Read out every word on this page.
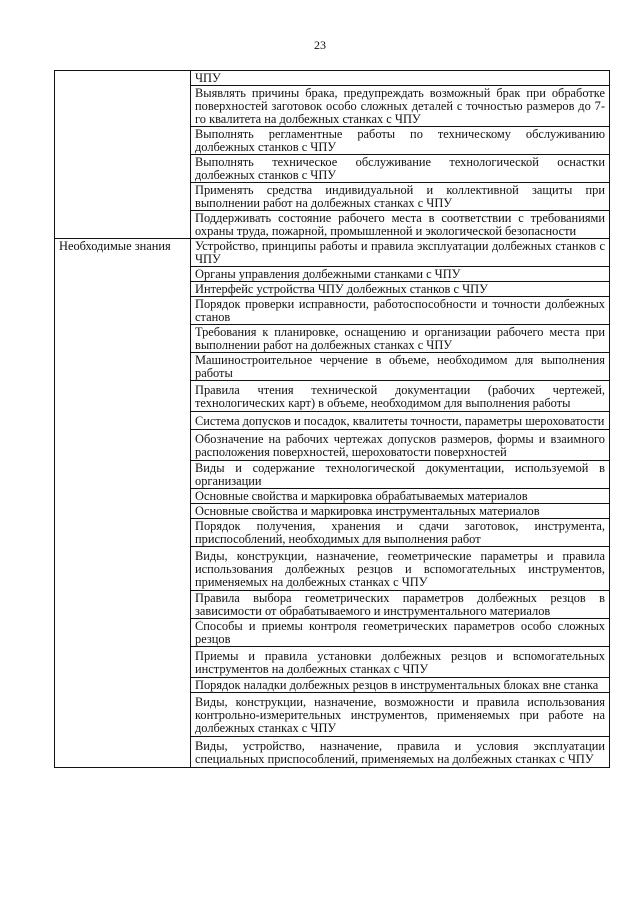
23
	ЧПУ
	Выявлять причины брака, предупреждать возможный брак при обработке поверхностей заготовок особо сложных деталей с точностью размеров до 7-го квалитета на долбежных станках с ЧПУ
	Выполнять регламентные работы по техническому обслуживанию долбежных станков с ЧПУ
	Выполнять техническое обслуживание технологической оснастки долбежных станков с ЧПУ
	Применять средства индивидуальной и коллективной защиты при выполнении работ на долбежных станках с ЧПУ
	Поддерживать состояние рабочего места в соответствии с требованиями охраны труда, пожарной, промышленной и экологической безопасности
Необходимые знания	Устройство, принципы работы и правила эксплуатации долбежных станков с ЧПУ
	Органы управления долбежными станками с ЧПУ
	Интерфейс устройства ЧПУ долбежных станков с ЧПУ
	Порядок проверки исправности, работоспособности и точности долбежных станов
	Требования к планировке, оснащению и организации рабочего места при выполнении работ на долбежных станках с ЧПУ
	Машиностроительное черчение в объеме, необходимом для выполнения работы
	Правила чтения технической документации (рабочих чертежей, технологических карт) в объеме, необходимом для выполнения работы
	Система допусков и посадок, квалитеты точности, параметры шероховатости
	Обозначение на рабочих чертежах допусков размеров, формы и взаимного расположения поверхностей, шероховатости поверхностей
	Виды и содержание технологической документации, используемой в организации
	Основные свойства и маркировка обрабатываемых материалов
	Основные свойства и маркировка инструментальных материалов
	Порядок получения, хранения и сдачи заготовок, инструмента, приспособлений, необходимых для выполнения работ
	Виды, конструкции, назначение, геометрические параметры и правила использования долбежных резцов и вспомогательных инструментов, применяемых на долбежных станках с ЧПУ
	Правила выбора геометрических параметров долбежных резцов в зависимости от обрабатываемого и инструментального материалов
	Способы и приемы контроля геометрических параметров особо сложных резцов
	Приемы и правила установки долбежных резцов и вспомогательных инструментов на долбежных станках с ЧПУ
	Порядок наладки долбежных резцов в инструментальных блоках вне станка
	Виды, конструкции, назначение, возможности и правила использования контрольно-измерительных инструментов, применяемых при работе на долбежных станках с ЧПУ
	Виды, устройство, назначение, правила и условия эксплуатации специальных приспособлений, применяемых на долбежных станках с ЧПУ
